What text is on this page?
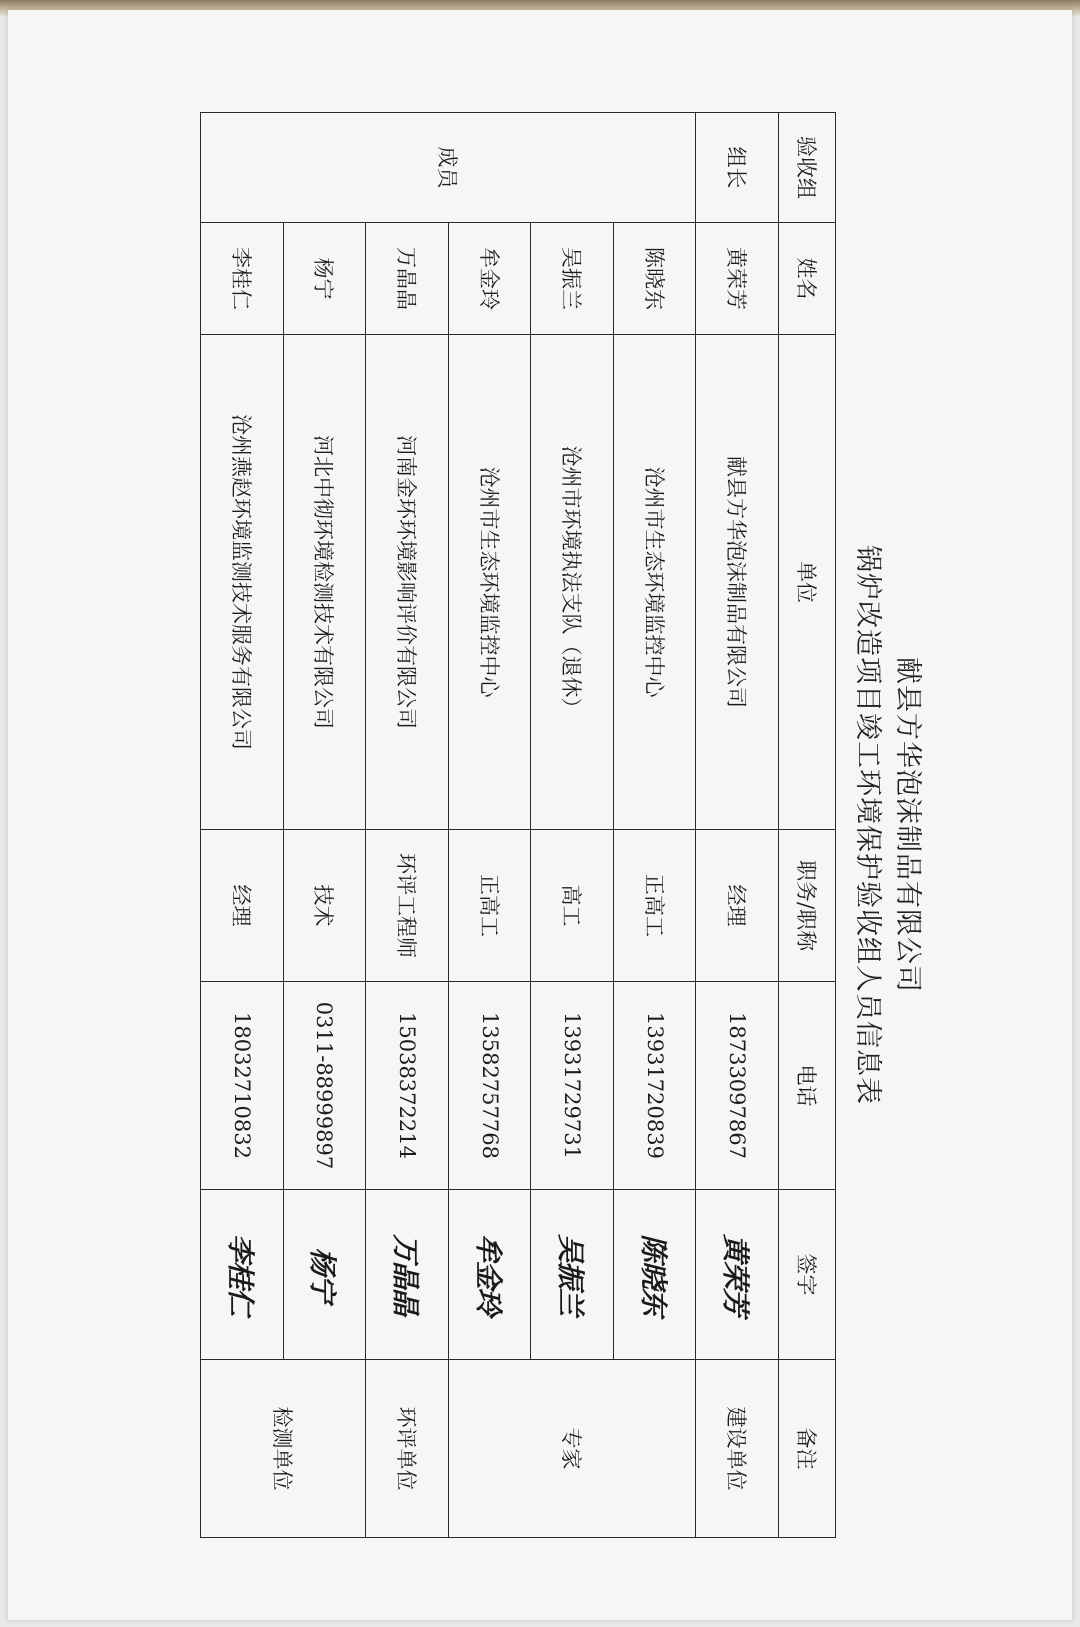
献县方华泡沫制品有限公司
锅炉改造项目竣工环境保护验收组人员信息表
验收组	姓名	单位	职务/职称	电话	签字	备注
组长	黄荣芳	献县方华泡沫制品有限公司	经理	18733097867	黄荣芳	建设单位
成员	陈晓东	沧州市生态环境监控中心	正高工	13931720839	陈晓东	专家
	吴振兰	沧州市环境执法支队（退休）	高工	13931729731	吴振兰	
	牟金玲	沧州市生态环境监控中心	正高工	13582757768	牟金玲	
	万晶晶	河南金环环境影响评价有限公司	环评工程师	15038372214	万晶晶	环评单位
	杨宁	河北中彻环境检测技术有限公司	技术	0311-88999897	杨宁	检测单位
	李桂仁	沧州燕赵环境监测技术服务有限公司	经理	18032710832	李桂仁	
